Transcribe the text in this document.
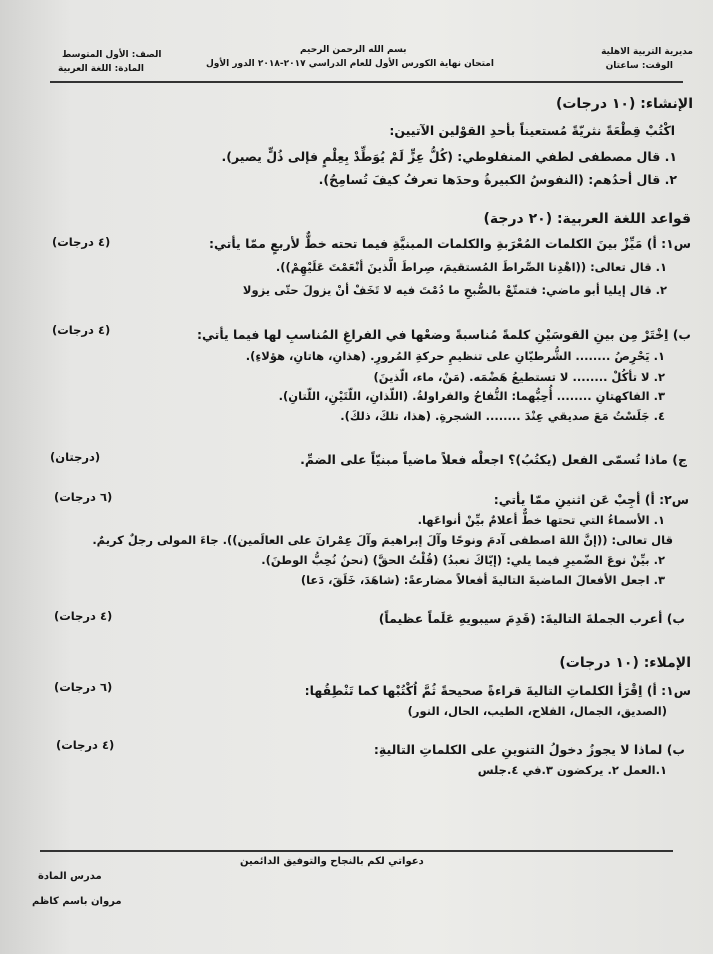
مديرية التربية الاهلية
الوقت: ساعتان
بسم الله الرحمن الرحيم
امتحان نهاية الكورس الأول للعام الدراسي ٢٠١٧-٢٠١٨ الدور الأول
الصف: الأول المتوسط
المادة: اللغة العربية
الإنشاء: (١٠ درجات)
اكْتُبْ قِطْعَةً نثريّةً مُستعيناً بأحدِ القوْلين الآتيين:
١. قال مصطفى لطفي المنفلوطي: (كُلُّ عِزٍّ لَمْ يُوَطِّدْ بِعِلْمٍ فإلى ذُلٍّ يصير).
٢. قال أحدُهم: (النفوسُ الكبيرةُ وحدَها تعرفُ كيفَ تُسامِحُ).
قواعد اللغة العربية: (٢٠ درجة)
س١: أ) مَيِّزْ بينَ الكلمات المُعْرَبةِ والكلمات المبنيَّةِ فيما تحته خطٌّ لأربعٍ ممّا يأتي:
(٤ درجات)
١. قال تعالى: ((اهْدِنا الصِّراطَ المُستقيمَ، صِراطَ الَّذينَ أنْعَمْتَ عَلَيْهِمْ)).
٢. قال إيليا أبو ماضي: فتمتّعْ بالصُّبحِ ما دُمْتَ فيه لا تَخَفْ أنْ يزولَ حتّى يزولا
ب) اِخْتَرْ مِن بينِ القوسَيْنِ كلمةً مُناسبةً وضعْها في الفراغِ المُناسبِ لها فيما يأتي:
(٤ درجات)
١. يَحْرِصُ ........ الشُّرطيّانِ على تنظيمِ حركةِ المُرورِ. (هذانِ، هاتانِ، هؤلاءِ).
٢. لا تأكُلْ ........ لا تستطيعُ هَضْمَه. (مَنْ، ماء، الّذينَ)
٣. الفاكهتانِ ........ أُحِبُّهما: التُّفاحُ والفراولةُ. (اللّذانِ، اللّتَيْنِ، اللّتانِ).
٤. جَلَسْتُ مَعَ صديقي عِنْدَ ........ الشجرةِ. (هذا، تلكَ، ذلكَ).
ج) ماذا تُسمّى الفعل (يكتُبُ)؟ اجعلْه فعلاً ماضياً مبنيّاً على الضمِّ.
(درجتان)
س٢: أ) أجِبْ عَن اثنينِ ممّا يأتي:
(٦ درجات)
١. الأسماءُ التي تحتها خطٌّ أعلامٌ بيِّنْ أنواعَها.
قال تعالى: ((إنَّ اللهَ اصطفى آدمَ ونوحًا وآلَ إبراهيمَ وآلَ عِمْرانَ على العالَمين)). جاءَ المولى رجلٌ كريمٌ.
٢. بيِّنْ نوعَ الضّميرِ فيما يلي: (إيّاكَ نعبدُ) (قُلْتُ الحقَّ) (نحنُ نُحِبُّ الوطنَ).
٣. اجعل الأفعالَ الماضيةَ التاليةَ أفعالاً مضارعةً: (شاهَدَ، خَلَقَ، دَعا)
ب) أعرب الجملةَ التاليةَ: (قَدِمَ سيبويهِ عَلَماً عظيماً)
(٤ درجات)
الإملاء: (١٠ درجات)
س١: أ) اِقْرَأ الكلماتِ التاليةَ قراءةً صحيحةً ثُمَّ اُكْتُبْها كما تَنْطِقُها:
(٦ درجات)
(الصديق، الجمال، الفلاح، الطيب، الحال، النور)
ب) لماذا لا يجوزُ دخولُ التنوينِ على الكلماتِ التاليةِ:
(٤ درجات)
١.العمل ٢. يركضون ٣.في ٤.جلس
دعواتي لكم بالنجاح والتوفيق الدائمين
مدرس المادة
مروان باسم كاظم
